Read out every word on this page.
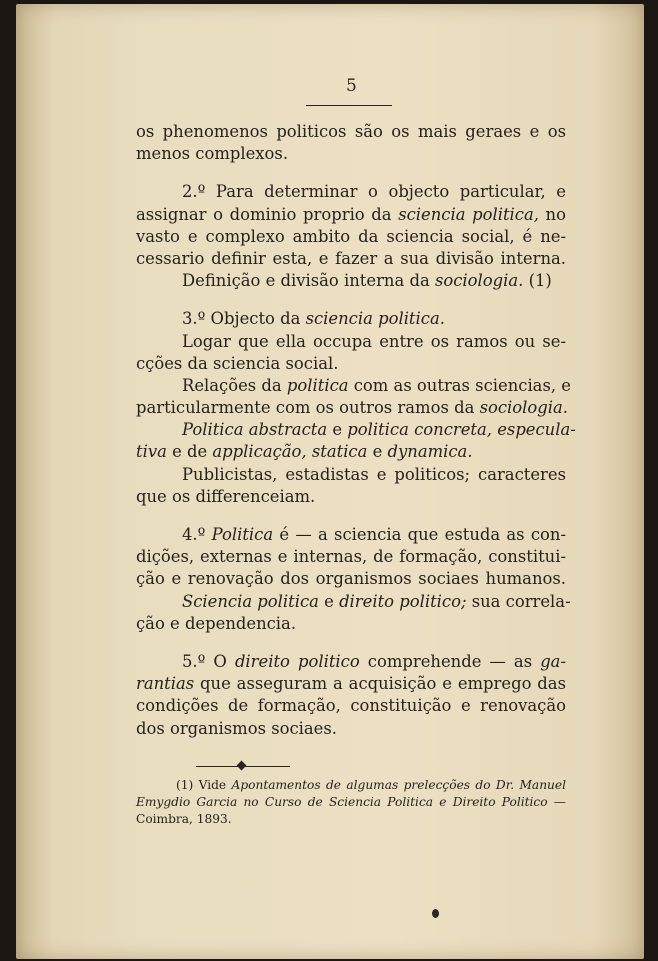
5
os phenomenos politicos são os mais geraes e os
menos complexos.
2.º Para determinar o objecto particular, e
assignar o dominio proprio da sciencia politica, no
vasto e complexo ambito da sciencia social, é ne-
cessario definir esta, e fazer a sua divisão interna.
Definição e divisão interna da sociologia. (1)
3.º Objecto da sciencia politica.
Logar que ella occupa entre os ramos ou se-
cções da sciencia social.
Relações da politica com as outras sciencias, e
particularmente com os outros ramos da sociologia.
Politica abstracta e politica concreta, especula-
tiva e de applicação, statica e dynamica.
Publicistas, estadistas e politicos; caracteres
que os differenceiam.
4.º Politica é — a sciencia que estuda as con-
dições, externas e internas, de formação, constitui-
ção e renovação dos organismos sociaes humanos.
Sciencia politica e direito politico; sua correla-
ção e dependencia.
5.º O direito politico comprehende — as ga-
rantias que asseguram a acquisição e emprego das
condições de formação, constituição e renovação
dos organismos sociaes.
(1) Vide Apontamentos de algumas prelecções do Dr. Manuel
Emygdio Garcia no Curso de Sciencia Politica e Direito Politico —
Coimbra, 1893.
